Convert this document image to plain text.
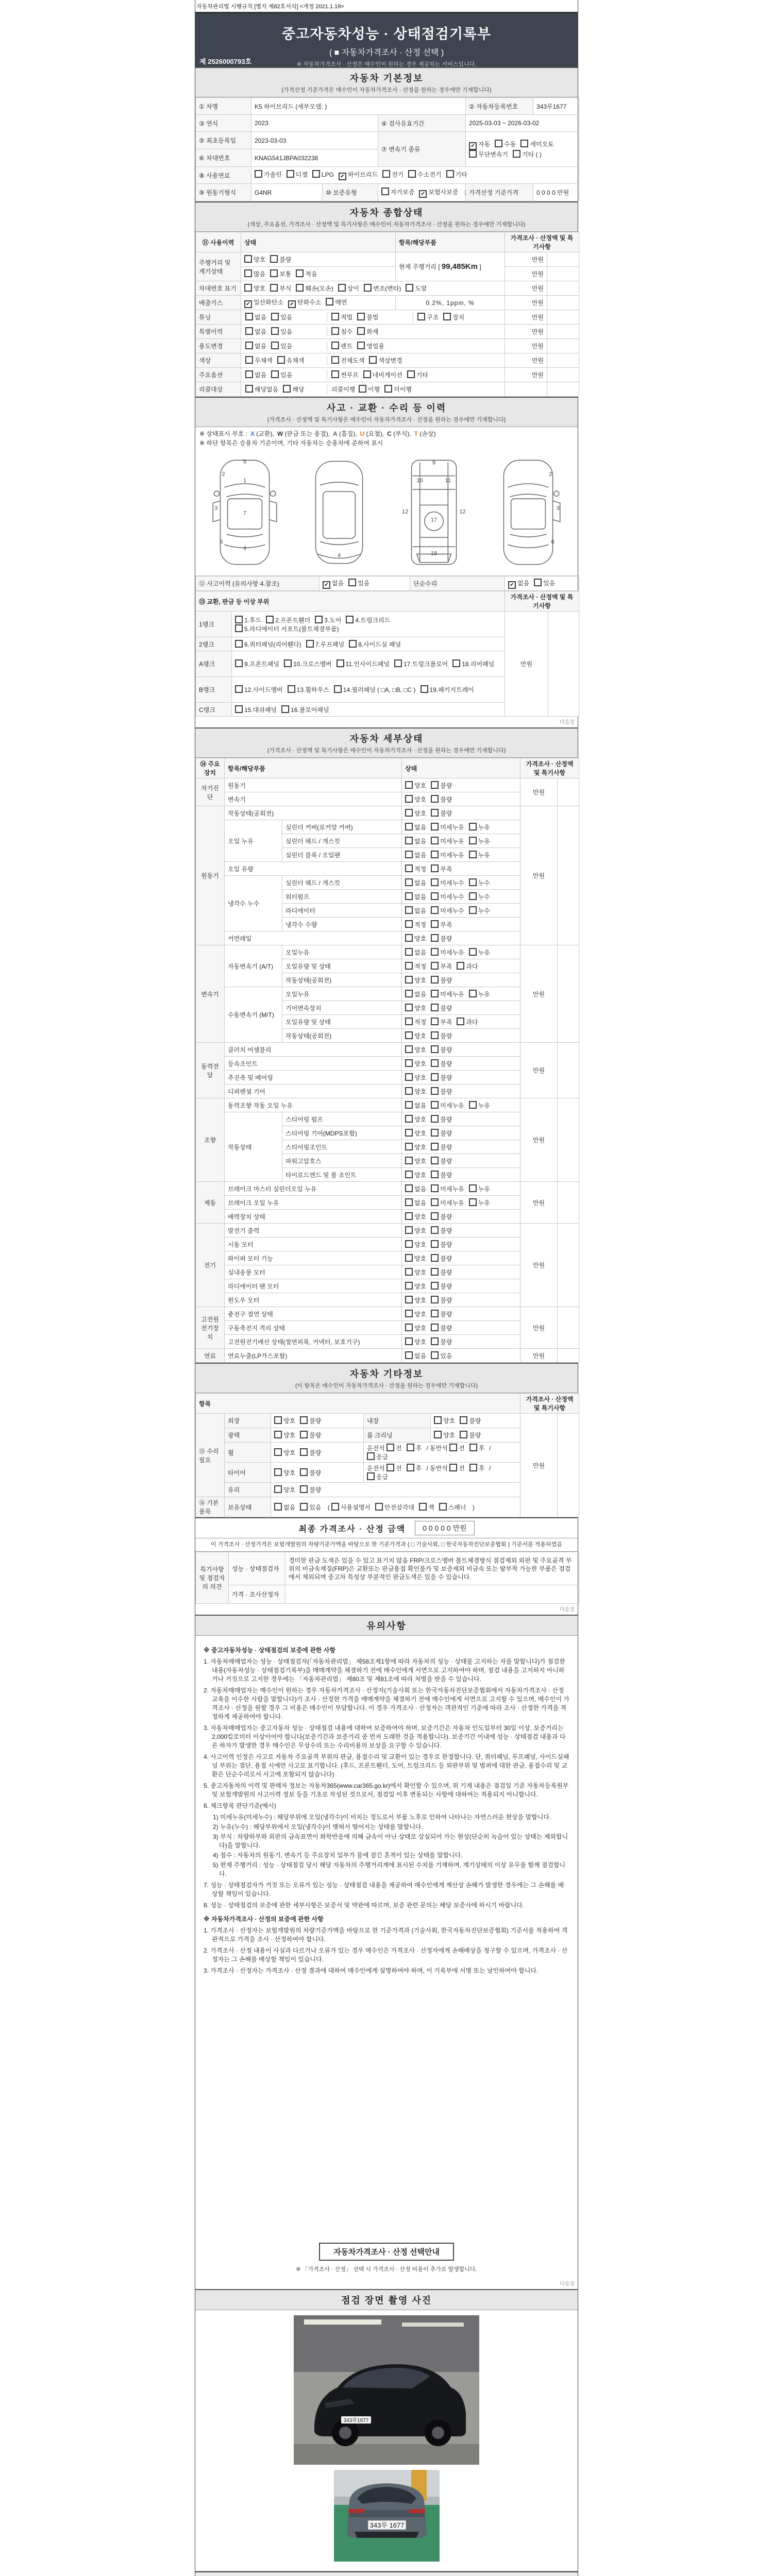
자동차관리법 시행규칙 [별지 제82호서식] <개정 2021.1.19>
중고자동차성능 · 상태점검기록부
( ■ 자동차가격조사 · 산정 선택 )
※ 자동차가격조사 · 산정은 매수인이 원하는 경우 제공하는 서비스입니다.
제 2526000793호
자동차 기본정보
(가격산정 기준가격은 매수인이 자동차가격조사 · 산정을 원하는 경우에만 기재합니다)
① 차명	K5 하이브리드 (세부모델: )			② 자동차등록번호	343루1677
③ 연식	2023		④ 검사유효기간	2025-03-03 ~ 2026-03-02	
⑤ 최초등록일	2023-03-03		⑦ 변속기 종류	✔ 자동 수동 세미오토무단변속기 기타 ( )	
⑥ 차대번호	KNAG541JBPA032238				
⑧ 사용연료	가솔린 디젤 LPG ✔ 하이브리드 전기 수소전기 기타				
⑨ 원동기형식	G4NR	⑩ 보증유형	자가보증 ✔ 보험사보증	가격산정 기준가격	0 0 0 0 만원
자동차 종합상태
(색상, 주요옵션, 가격조사 · 산정액 및 특기사항은 매수인이 자동차가격조사 · 산정을 원하는 경우에만 기재합니다)
⑪ 사용이력	상태	항목/해당부품	가격조사 · 산정액 및 특기사항	
주행거리 및 계기상태	양호 불량	현재 주행거리 [ 99,485Km ]	만원	
	많음 보통 적음		만원	
차대번호 표기	양호 부식 훼손(오손) 상이 변조(변타) 도말		만원	
배출가스	✔ 일산화탄소 ✔ 탄화수소 매연	0.2%, 1ppm, %	만원	
튜닝	없음 있음 적법 불법 구조 장치		만원	
특별이력	없음 있음 침수 화재		만원	
용도변경	없음 있음 렌트 영업용		만원	
색상	무채색 유채색 전체도색 색상변경		만원	
주요옵션	없음 있음 썬루프 네비게이션 기타		만원	
리콜대상	해당없음 해당 리콜이행 이행 미이행			

사고 · 교환 · 수리 등 이력
(가격조사 · 산정액 및 특기사항은 매수인이 자동차가격조사 · 산정을 원하는 경우에만 기재합니다)
※ 상태표시 부호 : X (교환), W (판금 또는 용접), A (흠집), U (요철), C (부식), T (손상)
※ 하단 항목은 승용차 기준이며, 기타 자동차는 승용차에 준하여 표시
5
1
2
3
7
6
4
4
9
10	11
12	12
17
18
2
3
6
⑫ 사고이력 (유의사항 4.참조)	✔ 없음 있음	단순수리	✔ 없음 있음
⑬ 교환, 판금 등 이상 부위		가격조사 · 산정액 및 특기사항	
1랭크	1.후드 2.프론트휀더 3.도어 4.트렁크리드5.라디에이터 서포트(볼트체결부품)	만원	
2랭크	6.쿼터패널(리어휀다) 7.루프패널 8.사이드실 패널		
A랭크	9.프론트패널 10.크로스멤버 11.인사이드패널 17.트렁크플로어 18.리어패널		
B랭크	12.사이드멤버 13.휠하우스 14.필러패널 ( □A, □B, □C ) 19.패키지트레이		
C랭크	15.대쉬패널 16.플로어패널		
다음장
자동차 세부상태
(가격조사 · 산정액 및 특기사항은 매수인이 자동차가격조사 · 산정을 원하는 경우에만 기재합니다)
⑭ 주요장치	항목/해당부품		상태	가격조사 · 산정액 및 특기사항	
자기진단	원동기		양호 불량	만원	
	변속기		양호 불량		
원동기	작동상태(공회전)		양호 불량	만원	
	오일 누유	실린더 커버(로커암 커버)	없음 미세누유 누유		
		실린더 헤드 / 개스킷	없음 미세누유 누유		
		실린더 블록 / 오일팬	없음 미세누유 누유		
	오일 유량		적정 부족		
	냉각수 누수	실린더 헤드 / 개스킷	없음 미세누수 누수		
		워터펌프	없음 미세누수 누수		
		라디에이터	없음 미세누수 누수		
		냉각수 수량	적정 부족		
	커먼레일		양호 불량		
변속기	자동변속기 (A/T)	오일누유	없음 미세누유 누유	만원	
		오일유량 및 상태	적정 부족 과다		
		작동상태(공회전)	양호 불량		
	수동변속기 (M/T)	오일누유	없음 미세누유 누유		
		기어변속장치	양호 불량		
		오일유량 및 상태	적정 부족 과다		
		작동상태(공회전)	양호 불량		
동력전달	클러치 어셈블리		양호 불량	만원	
	등속조인트		양호 불량		
	추진축 및 베어링		양호 불량		
	디퍼렌셜 기어		양호 불량		
조향	동력조향 작동 오일 누유		없음 미세누유 누유	만원	
	작동상태	스티어링 펌프	양호 불량		
		스티어링 기어(MDPS포함)	양호 불량		
		스티어링조인트	양호 불량		
		파워고압호스	양호 불량		
		타이로드엔드 및 볼 조인트	양호 불량		
제동	브레이크 마스터 실린더오일 누유		없음 미세누유 누유	만원	
	브레이크 오일 누유		없음 미세누유 누유		
	배력장치 상태		양호 불량		
전기	발전기 출력		양호 불량	만원	
	시동 모터		양호 불량		
	와이퍼 모터 기능		양호 불량		
	실내송풍 모터		양호 불량		
	라디에이터 팬 모터		양호 불량		
	윈도우 모터		양호 불량		
고전원전기장치	충전구 절연 상태		양호 불량	만원	
	구동축전지 격리 상태		양호 불량		
	고전원전기배선 상태(절연피복, 커넥터, 보호기구)		양호 불량		
연료	연료누출(LP가스포함)		없음 있음	만원	
자동차 기타정보
(이 항목은 매수인이 자동차가격조사 · 산정을 원하는 경우에만 기재합니다)
항목					가격조사 · 산정액 및 특기사항	
⑮ 수리필요	외장	양호 불량	내장	양호 불량	만원	
	광택	양호 불량	룸 크리닝	양호 불량		
	휠	양호 불량	운전석 전 후 / 동반석 전 후 / 응급			
	타이어	양호 불량	운전석 전 후 / 동반석 전 후 / 응급			
	유리	양호 불량				
⑯ 기본품목	보유상태	없음 있음 ( 사용설명서 안전삼각대 잭 스패너 )				
최종 가격조사 · 산정 금액	0 0 0 0 0 만원
이 가격조사 · 산정가격은 보험개발원의 차량기준가액을 바탕으로 한 기준가격과 ( □ 기술사회, □ 한국자동차진단보증협회 ) 기준서를 적용하였음
특기사항 및 점검자의 의견	성능 · 상태점검자	경미한 판금 도색은 있을 수 있고 표기치 않음 FRP/크로스멤버 볼트체결방식 점검제외 외판 및 주요골격 부위의 비금속재질(FRP)은 교환또는 판금용접 확인불가 및 보증제외 비금속 또는 탈부착 가능한 부품은 점검에서 제외되며 중고차 특성상 부분적인 판금도색은 있을 수 있습니다.
	가격 · 조사산정자	
다음장
유의사항
※ 중고자동차성능 · 상태점검의 보증에 관한 사항
1. 자동차매매업자는 성능 · 상태점검자(「자동차관리법」 제58조제1항에 따라 자동차의 성능 · 상태를 고지하는 자를 말합니다)가 점검한 내용(자동차성능 · 상태점검기록부)을 매매계약을 체결하기 전에 매수인에게 서면으로 고지하여야 하며, 점검 내용을 고지하지 아니하거나 거짓으로 고지한 경우에는 「자동차관리법」 제80조 및 제81조에 따라 처벌을 받을 수 있습니다.
2. 자동차매매업자는 매수인이 원하는 경우 자동차가격조사 · 산정자(기술사회 또는 한국자동차진단보증협회에서 자동차가격조사 · 산정 교육을 이수한 사람을 말합니다)가 조사 · 산정한 가격을 매매계약을 체결하기 전에 매수인에게 서면으로 고지할 수 있으며, 매수인이 가격조사 · 산정을 원할 경우 그 비용은 매수인이 부담합니다. 이 경우 가격조사 · 산정자는 객관적인 기준에 따라 조사 · 산정한 가격을 적정하게 제공하여야 합니다.
3. 자동차매매업자는 중고자동차 성능 · 상태점검 내용에 대하여 보증하여야 하며, 보증기간은 자동차 인도일부터 30일 이상, 보증거리는 2,000킬로미터 이상이어야 합니다(보증기간과 보증거리 중 먼저 도래한 것을 적용합니다). 보증기간 이내에 성능 · 상태점검 내용과 다른 하자가 발생한 경우 매수인은 무상수리 또는 수리비용의 보상을 요구할 수 있습니다.
4. 사고이력 인정은 사고로 자동차 주요골격 부위의 판금, 용접수리 및 교환이 있는 경우로 한정합니다. 단, 쿼터패널, 루프패널, 사이드실패널 부위는 절단, 용접 시에만 사고로 표기합니다. (후드, 프론트휀더, 도어, 트렁크리드 등 외판부위 및 범퍼에 대한 판금, 용접수리 및 교환은 단순수리로서 사고에 포함되지 않습니다)
5. 중고자동차의 이력 및 판매자 정보는 자동차365(www.car365.go.kr)에서 확인할 수 있으며, 위 기재 내용은 점검일 기준 자동차등록원부 및 보험개발원의 사고이력 정보 등을 기초로 작성된 것으로서, 점검일 이후 변동되는 사항에 대하여는 적용되지 아니합니다.
6. 체크항목 판단기준(예시)
1) 미세누유(미세누수) : 해당부위에 오일(냉각수)이 비치는 정도로서 부품 노후로 인하여 나타나는 자연스러운 현상을 말합니다.
2) 누유(누수) : 해당부위에서 오일(냉각수)이 맺혀서 떨어지는 상태를 말합니다.
3) 부식 : 차량하부와 외판의 금속표면이 화학반응에 의해 금속이 아닌 상태로 상실되어 가는 현상(단순히 녹슬어 있는 상태는 제외합니다)을 말합니다.
4) 침수 : 자동차의 원동기, 변속기 등 주요장치 일부가 물에 잠긴 흔적이 있는 상태를 말합니다.
5) 현재 주행거리 : 성능 · 상태점검 당시 해당 자동차의 주행거리계에 표시된 수치를 기재하며, 계기상태의 이상 유무를 함께 점검합니다.
7. 성능 · 상태점검자가 거짓 또는 오류가 있는 성능 · 상태점검 내용을 제공하여 매수인에게 재산상 손해가 발생한 경우에는 그 손해를 배상할 책임이 있습니다.
8. 성능 · 상태점검의 보증에 관한 세부사항은 보증서 및 약관에 따르며, 보증 관련 문의는 해당 보증사에 하시기 바랍니다.
※ 자동차가격조사 · 산정의 보증에 관한 사항
1. 가격조사 · 산정자는 보험개발원의 차량기준가액을 바탕으로 한 기준가격과 (기술사회, 한국자동차진단보증협회) 기준서를 적용하여 객관적으로 가격을 조사 · 산정하여야 합니다.
2. 가격조사 · 산정 내용이 사실과 다르거나 오류가 있는 경우 매수인은 가격조사 · 산정자에게 손해배상을 청구할 수 있으며, 가격조사 · 산정자는 그 손해를 배상할 책임이 있습니다.
3. 가격조사 · 산정자는 가격조사 · 산정 결과에 대하여 매수인에게 설명하여야 하며, 이 기록부에 서명 또는 날인하여야 합니다.
자동차가격조사 · 산정 선택안내
※ 「가격조사 · 산정」 선택 시 가격조사 · 산정 비용이 추가로 발생합니다.
다음장
점검 장면 촬영 사진
343루1677
343루 1677
